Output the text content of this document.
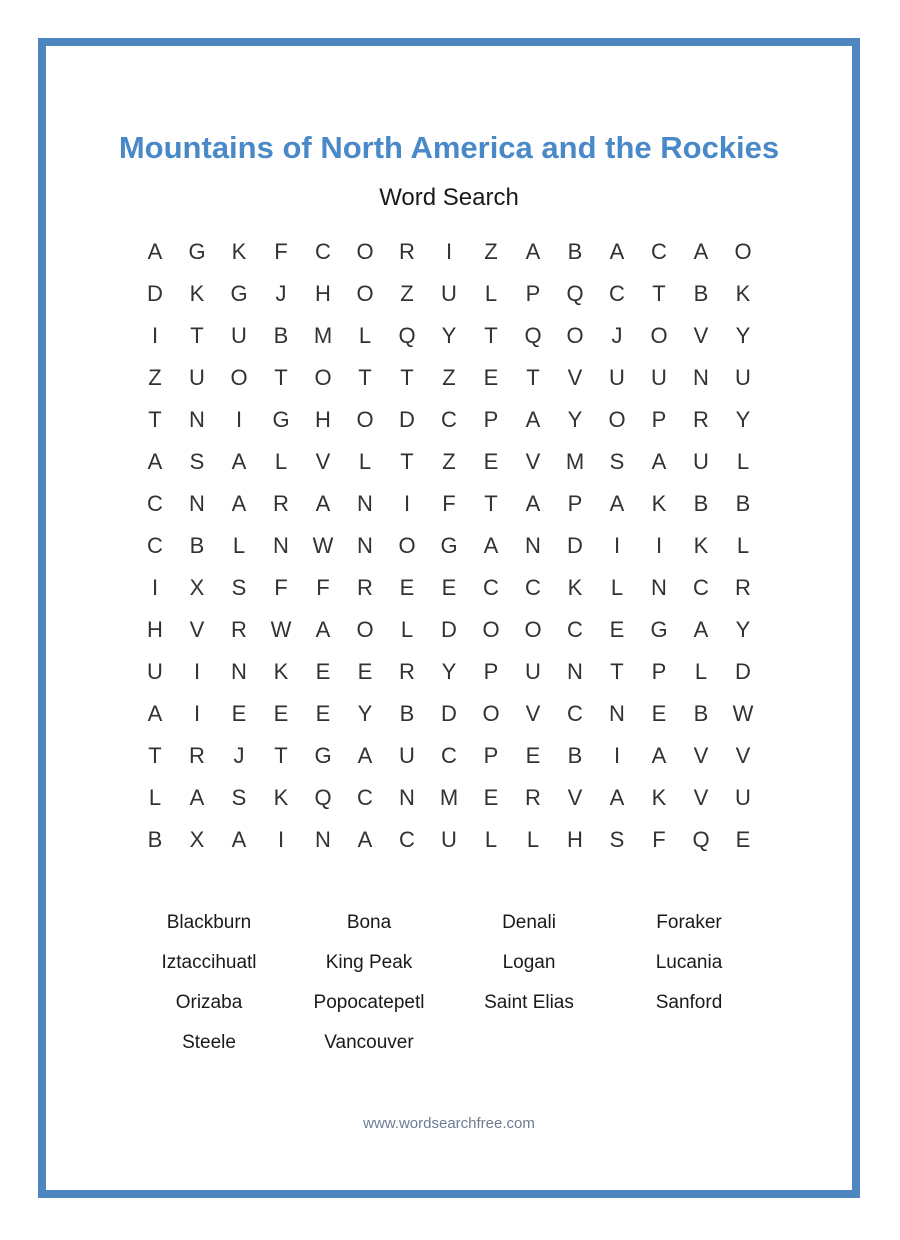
Mountains of North America and the Rockies
Word Search
A	G	K	F	C	O	R	I	Z	A	B	A	C	A	O
D	K	G	J	H	O	Z	U	L	P	Q	C	T	B	K
I	T	U	B	M	L	Q	Y	T	Q	O	J	O	V	Y
Z	U	O	T	O	T	T	Z	E	T	V	U	U	N	U
T	N	I	G	H	O	D	C	P	A	Y	O	P	R	Y
A	S	A	L	V	L	T	Z	E	V	M	S	A	U	L
C	N	A	R	A	N	I	F	T	A	P	A	K	B	B
C	B	L	N	W	N	O	G	A	N	D	I	I	K	L
I	X	S	F	F	R	E	E	C	C	K	L	N	C	R
H	V	R	W	A	O	L	D	O	O	C	E	G	A	Y
U	I	N	K	E	E	R	Y	P	U	N	T	P	L	D
A	I	E	E	E	Y	B	D	O	V	C	N	E	B	W
T	R	J	T	G	A	U	C	P	E	B	I	A	V	V
L	A	S	K	Q	C	N	M	E	R	V	A	K	V	U
B	X	A	I	N	A	C	U	L	L	H	S	F	Q	E
Blackburn	Bona	Denali	Foraker
Iztaccihuatl	King Peak	Logan	Lucania
Orizaba	Popocatepetl	Saint Elias	Sanford
Steele	Vancouver
www.wordsearchfree.com
